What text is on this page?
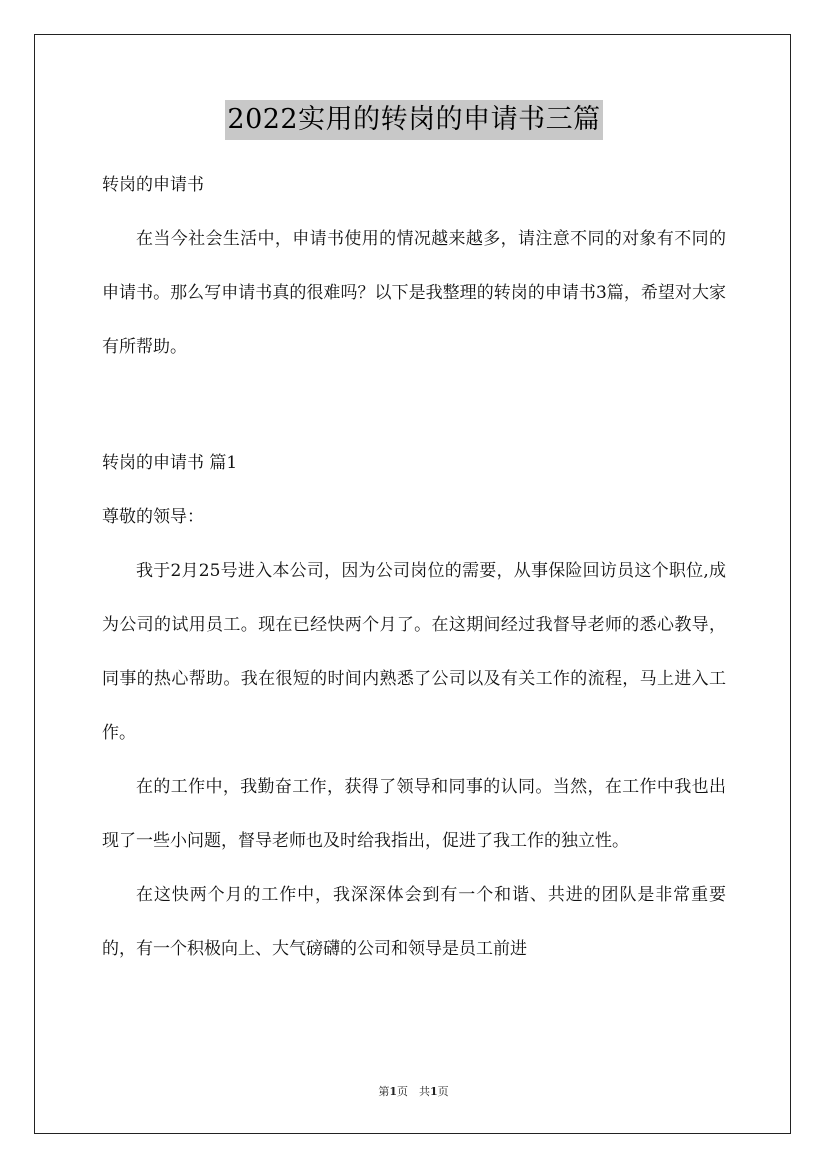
2022实用的转岗的申请书三篇

转岗的申请书

在当今社会生活中，申请书使用的情况越来越多，请注意不同的对象有不同的申请书。那么写申请书真的很难吗？以下是我整理的转岗的申请书3篇，希望对大家有所帮助。

转岗的申请书 篇1

尊敬的领导：

我于2月25号进入本公司，因为公司岗位的需要，从事保险回访员这个职位,成为公司的试用员工。现在已经快两个月了。在这期间经过我督导老师的悉心教导，同事的热心帮助。我在很短的时间内熟悉了公司以及有关工作的流程，马上进入工作。

在的工作中，我勤奋工作，获得了领导和同事的认同。当然，在工作中我也出现了一些小问题，督导老师也及时给我指出，促进了我工作的独立性。

在这快两个月的工作中，我深深体会到有一个和谐、共进的团队是非常重要的，有一个积极向上、大气磅礴的公司和领导是员工前进

第1页　共1页
